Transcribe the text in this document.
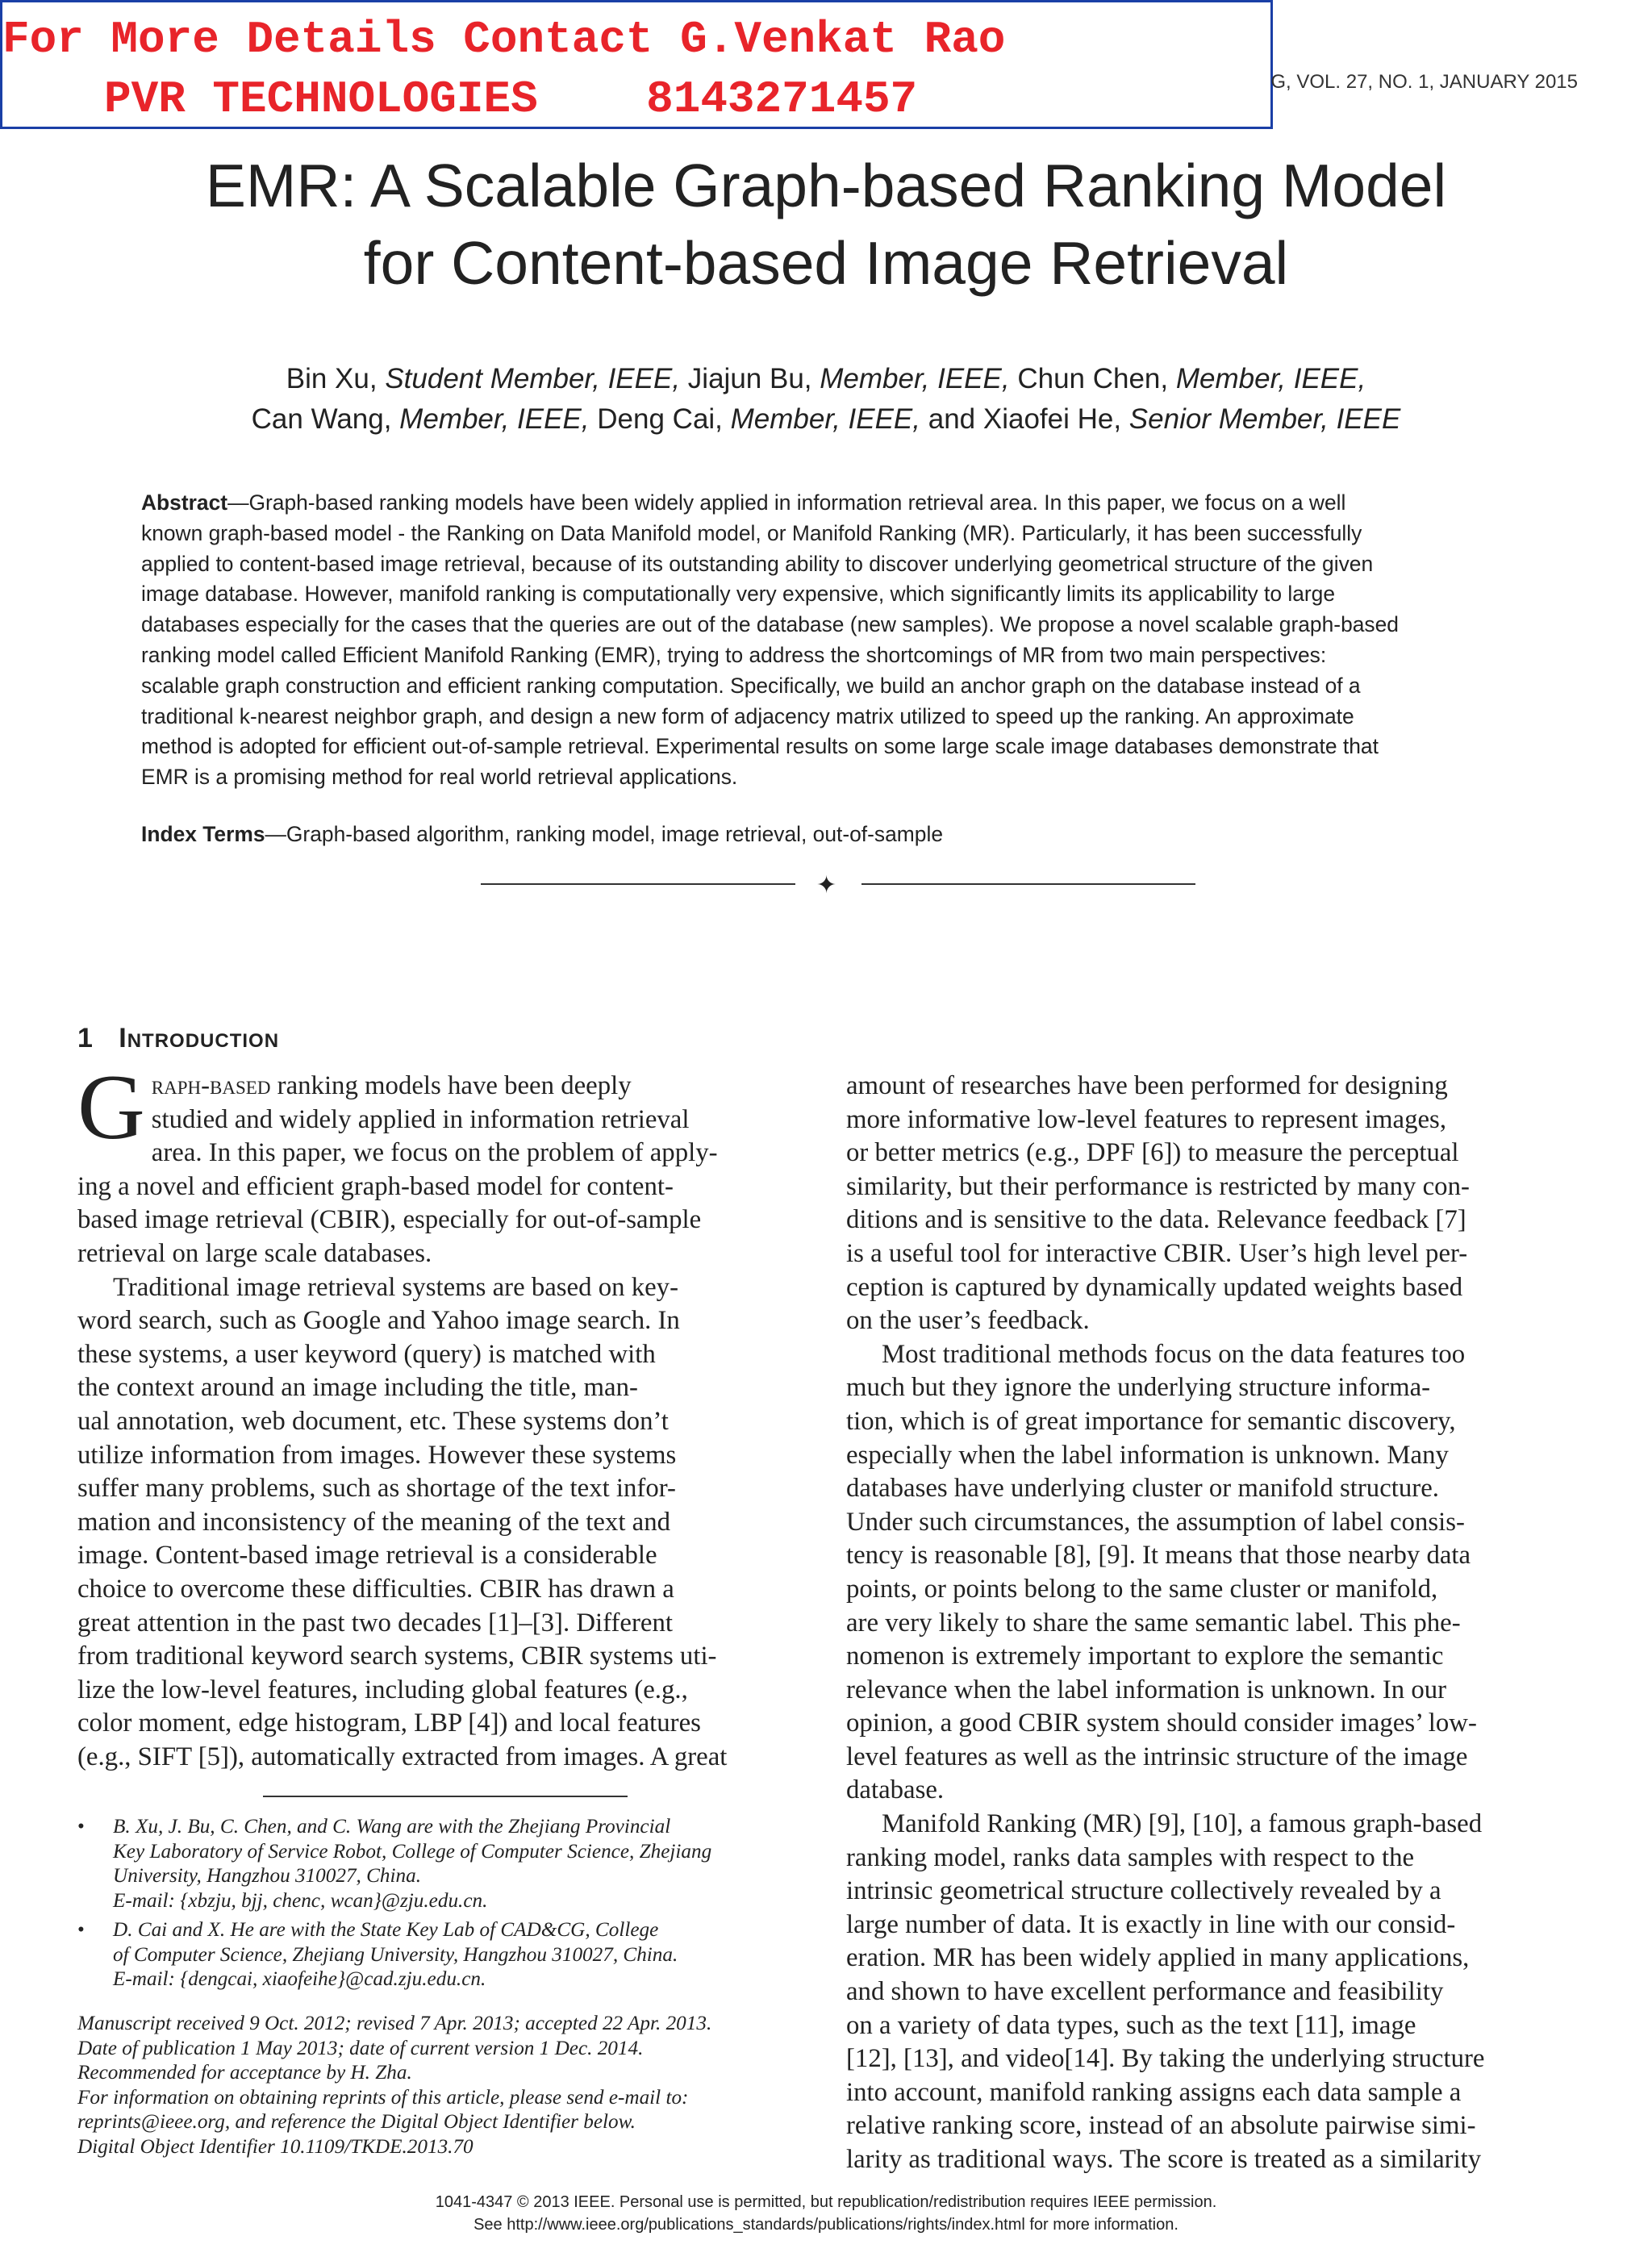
For More Details Contact G.Venkat Rao
PVR TECHNOLOGIES    8143271457	G, VOL. 27, NO. 1, JANUARY 2015
EMR: A Scalable Graph-based Ranking Model
for Content-based Image Retrieval
Bin Xu, Student Member, IEEE, Jiajun Bu, Member, IEEE, Chun Chen, Member, IEEE,
Can Wang, Member, IEEE, Deng Cai, Member, IEEE, and Xiaofei He, Senior Member, IEEE
Abstract—Graph-based ranking models have been widely applied in information retrieval area. In this paper, we focus on a well
known graph-based model - the Ranking on Data Manifold model, or Manifold Ranking (MR). Particularly, it has been successfully
applied to content-based image retrieval, because of its outstanding ability to discover underlying geometrical structure of the given
image database. However, manifold ranking is computationally very expensive, which significantly limits its applicability to large
databases especially for the cases that the queries are out of the database (new samples). We propose a novel scalable graph-based
ranking model called Efficient Manifold Ranking (EMR), trying to address the shortcomings of MR from two main perspectives:
scalable graph construction and efficient ranking computation. Specifically, we build an anchor graph on the database instead of a
traditional k-nearest neighbor graph, and design a new form of adjacency matrix utilized to speed up the ranking. An approximate
method is adopted for efficient out-of-sample retrieval. Experimental results on some large scale image databases demonstrate that
EMR is a promising method for real world retrieval applications.
Index Terms—Graph-based algorithm, ranking model, image retrieval, out-of-sample
✦
1 Introduction

Graph-based ranking models have been deeply
studied and widely applied in information retrieval
area. In this paper, we focus on the problem of apply-
ing a novel and efficient graph-based model for content-
based image retrieval (CBIR), especially for out-of-sample
retrieval on large scale databases.

Traditional image retrieval systems are based on key-
word search, such as Google and Yahoo image search. In
these systems, a user keyword (query) is matched with
the context around an image including the title, man-
ual annotation, web document, etc. These systems don’t
utilize information from images. However these systems
suffer many problems, such as shortage of the text infor-
mation and inconsistency of the meaning of the text and
image. Content-based image retrieval is a considerable
choice to overcome these difficulties. CBIR has drawn a
great attention in the past two decades [1]–[3]. Different
from traditional keyword search systems, CBIR systems uti-
lize the low-level features, including global features (e.g.,
color moment, edge histogram, LBP [4]) and local features
(e.g., SIFT [5]), automatically extracted from images. A great

• B. Xu, J. Bu, C. Chen, and C. Wang are with the Zhejiang Provincial
Key Laboratory of Service Robot, College of Computer Science, Zhejiang
University, Hangzhou 310027, China.
E-mail: {xbzju, bjj, chenc, wcan}@zju.edu.cn.
• D. Cai and X. He are with the State Key Lab of CAD&CG, College
of Computer Science, Zhejiang University, Hangzhou 310027, China.
E-mail: {dengcai, xiaofeihe}@cad.zju.edu.cn.
Manuscript received 9 Oct. 2012; revised 7 Apr. 2013; accepted 22 Apr. 2013.
Date of publication 1 May 2013; date of current version 1 Dec. 2014.
Recommended for acceptance by H. Zha.
For information on obtaining reprints of this article, please send e-mail to:
reprints@ieee.org, and reference the Digital Object Identifier below.
Digital Object Identifier 10.1109/TKDE.2013.70

amount of researches have been performed for designing
more informative low-level features to represent images,
or better metrics (e.g., DPF [6]) to measure the perceptual
similarity, but their performance is restricted by many con-
ditions and is sensitive to the data. Relevance feedback [7]
is a useful tool for interactive CBIR. User’s high level per-
ception is captured by dynamically updated weights based
on the user’s feedback.

Most traditional methods focus on the data features too
much but they ignore the underlying structure informa-
tion, which is of great importance for semantic discovery,
especially when the label information is unknown. Many
databases have underlying cluster or manifold structure.
Under such circumstances, the assumption of label consis-
tency is reasonable [8], [9]. It means that those nearby data
points, or points belong to the same cluster or manifold,
are very likely to share the same semantic label. This phe-
nomenon is extremely important to explore the semantic
relevance when the label information is unknown. In our
opinion, a good CBIR system should consider images’ low-
level features as well as the intrinsic structure of the image
database.

Manifold Ranking (MR) [9], [10], a famous graph-based
ranking model, ranks data samples with respect to the
intrinsic geometrical structure collectively revealed by a
large number of data. It is exactly in line with our consid-
eration. MR has been widely applied in many applications,
and shown to have excellent performance and feasibility
on a variety of data types, such as the text [11], image
[12], [13], and video[14]. By taking the underlying structure
into account, manifold ranking assigns each data sample a
relative ranking score, instead of an absolute pairwise simi-
larity as traditional ways. The score is treated as a similarity

1041-4347 © 2013 IEEE. Personal use is permitted, but republication/redistribution requires IEEE permission.
See http://www.ieee.org/publications_standards/publications/rights/index.html for more information.
